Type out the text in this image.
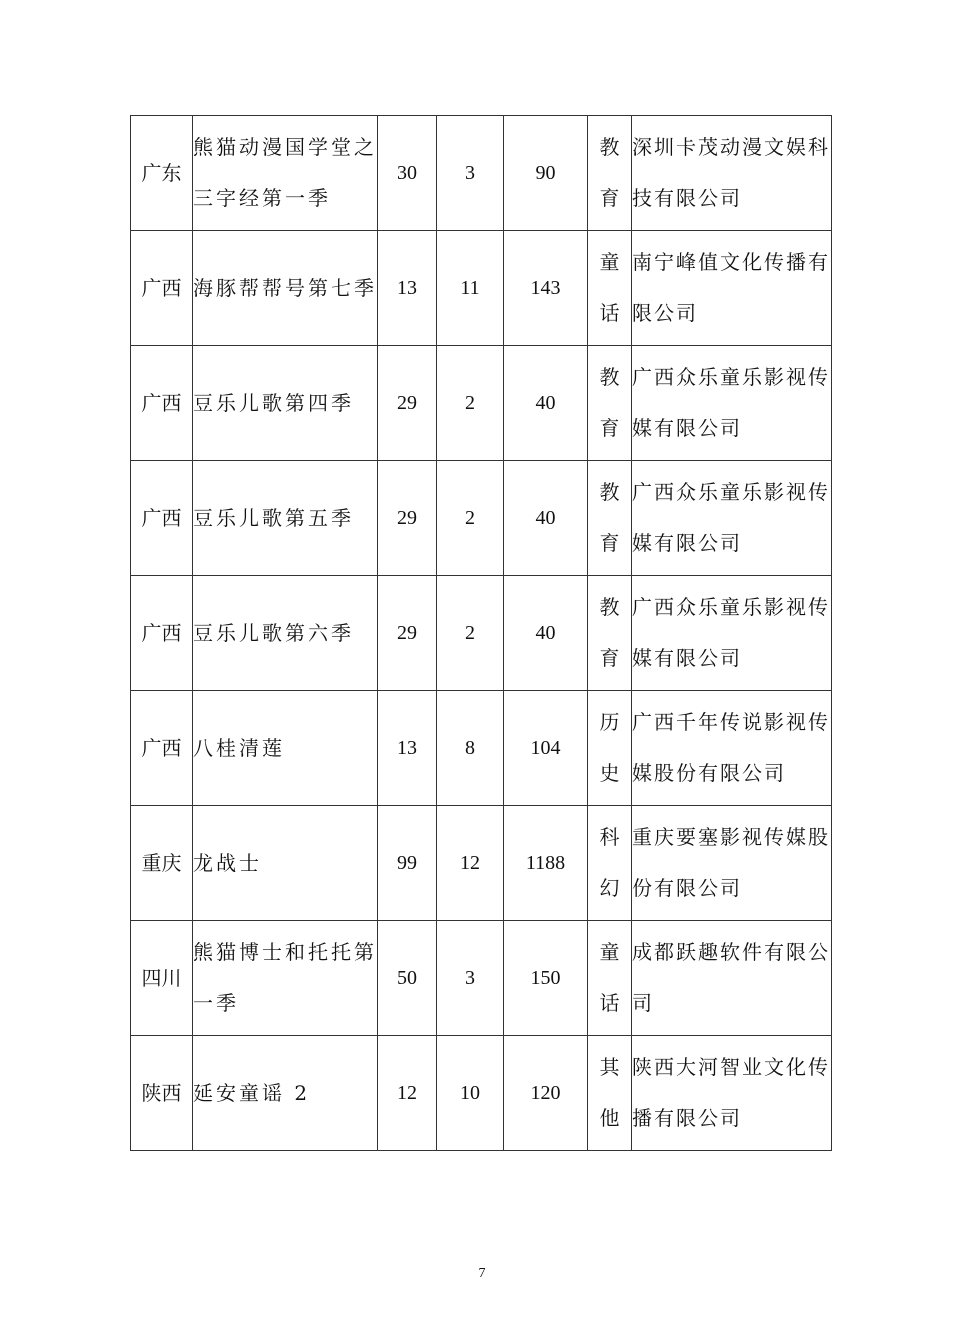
广东	熊猫动漫国学堂之三字经第一季	30	3	90	教育	深圳卡茂动漫文娱科技有限公司
广西	海豚帮帮号第七季	13	11	143	童话	南宁峰值文化传播有限公司
广西	豆乐儿歌第四季	29	2	40	教育	广西众乐童乐影视传媒有限公司
广西	豆乐儿歌第五季	29	2	40	教育	广西众乐童乐影视传媒有限公司
广西	豆乐儿歌第六季	29	2	40	教育	广西众乐童乐影视传媒有限公司
广西	八桂清莲	13	8	104	历史	广西千年传说影视传媒股份有限公司
重庆	龙战士	99	12	1188	科幻	重庆要塞影视传媒股份有限公司
四川	熊猫博士和托托第一季	50	3	150	童话	成都跃趣软件有限公司
陕西	延安童谣 2	12	10	120	其他	陕西大河智业文化传播有限公司
7
